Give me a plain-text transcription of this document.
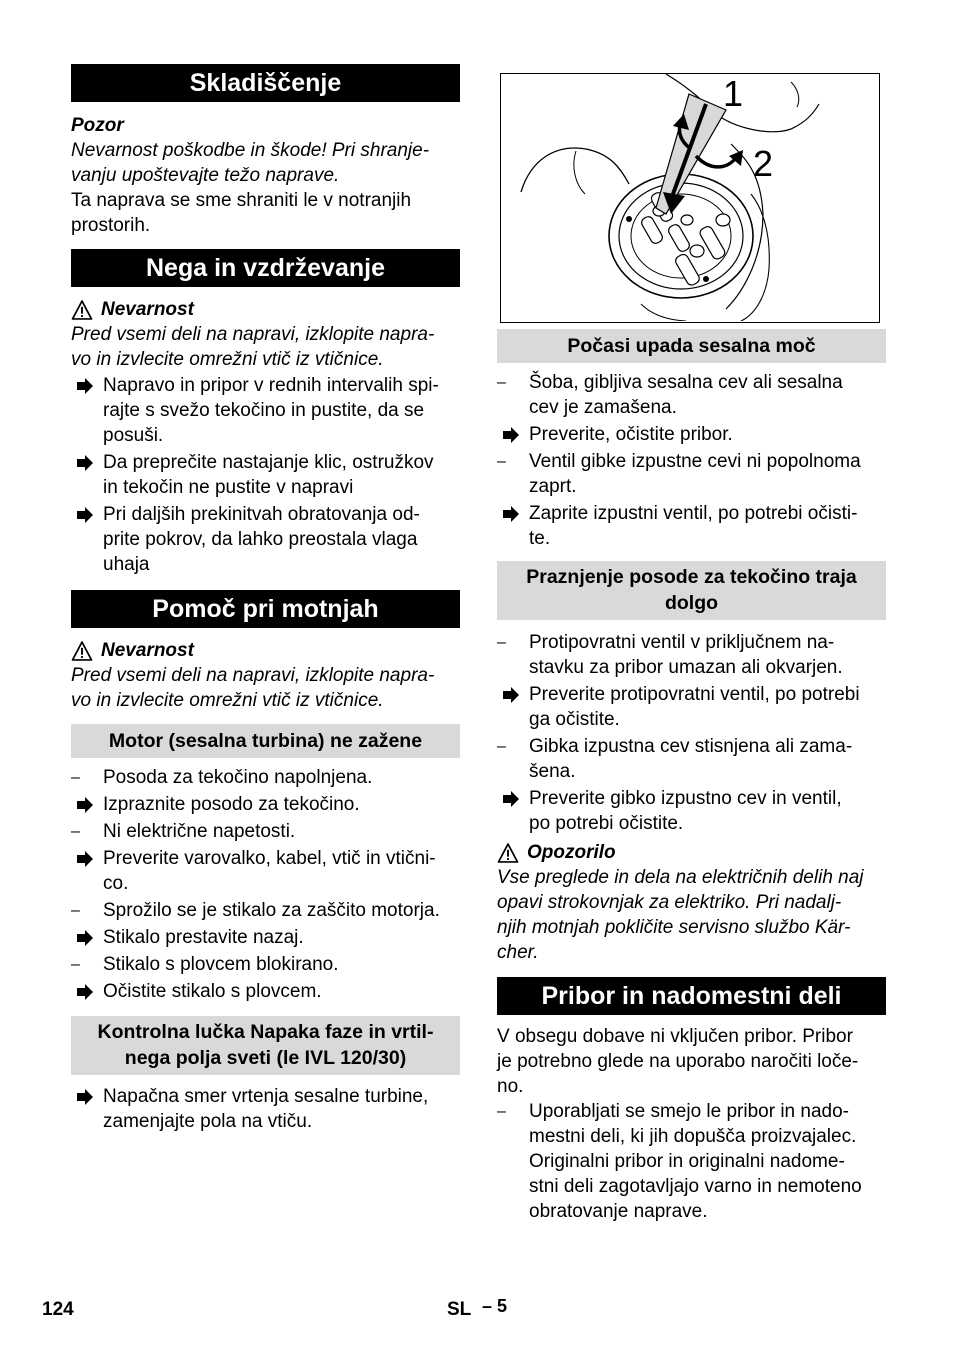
Skladiščenje
Pozor
Nevarnost poškodbe in škode! Pri shranje-
vanju upoštevajte težo naprave.
Ta naprava se sme shraniti le v notranjih
prostorih.
Nega in vzdrževanje
Nevarnost
Pred vsemi deli na napravi, izklopite napra-
vo in izvlecite omrežni vtič iz vtičnice.
Napravo in pripor v rednih intervalih spi-
rajte s svežo tekočino in pustite, da se
posuši.
Da preprečite nastajanje klic, ostružkov
in tekočin ne pustite v napravi
Pri daljših prekinitvah obratovanja od-
prite pokrov, da lahko preostala vlaga
uhaja
Pomoč pri motnjah
Nevarnost
Pred vsemi deli na napravi, izklopite napra-
vo in izvlecite omrežni vtič iz vtičnice.
Motor (sesalna turbina) ne zažene
–	Posoda za tekočino napolnjena.
Izpraznite posodo za tekočino.
–	Ni električne napetosti.
Preverite varovalko, kabel, vtič in vtični-
co.
–	Sprožilo se je stikalo za zaščito motorja.
Stikalo prestavite nazaj.
–	Stikalo s plovcem blokirano.
Očistite stikalo s plovcem.
Kontrolna lučka Napaka faze in vrtil-
nega polja sveti (le IVL 120/30)
Napačna smer vrtenja sesalne turbine,
zamenjajte pola na vtiču.
1
2
Počasi upada sesalna moč
–	Šoba, gibljiva sesalna cev ali sesalna
cev je zamašena.
Preverite, očistite pribor.
–	Ventil gibke izpustne cevi ni popolnoma
zaprt.
Zaprite izpustni ventil, po potrebi očisti-
te.
Praznjenje posode za tekočino traja
dolgo
–	Protipovratni ventil v priključnem na-
stavku za pribor umazan ali okvarjen.
Preverite protipovratni ventil, po potrebi
ga očistite.
–	Gibka izpustna cev stisnjena ali zama-
šena.
Preverite gibko izpustno cev in ventil,
po potrebi očistite.
Opozorilo
Vse preglede in dela na električnih delih naj
opavi strokovnjak za elektriko. Pri nadalj-
njih motnjah pokličite servisno službo Kär-
cher.
Pribor in nadomestni deli
V obsegu dobave ni vključen pribor. Pribor
je potrebno glede na uporabo naročiti loče-
no.
–	Uporabljati se smejo le pribor in nado-
mestni deli, ki jih dopušča proizvajalec.
Originalni pribor in originalni nadome-
stni deli zagotavljajo varno in nemoteno
obratovanje naprave.
124	SL – 5
